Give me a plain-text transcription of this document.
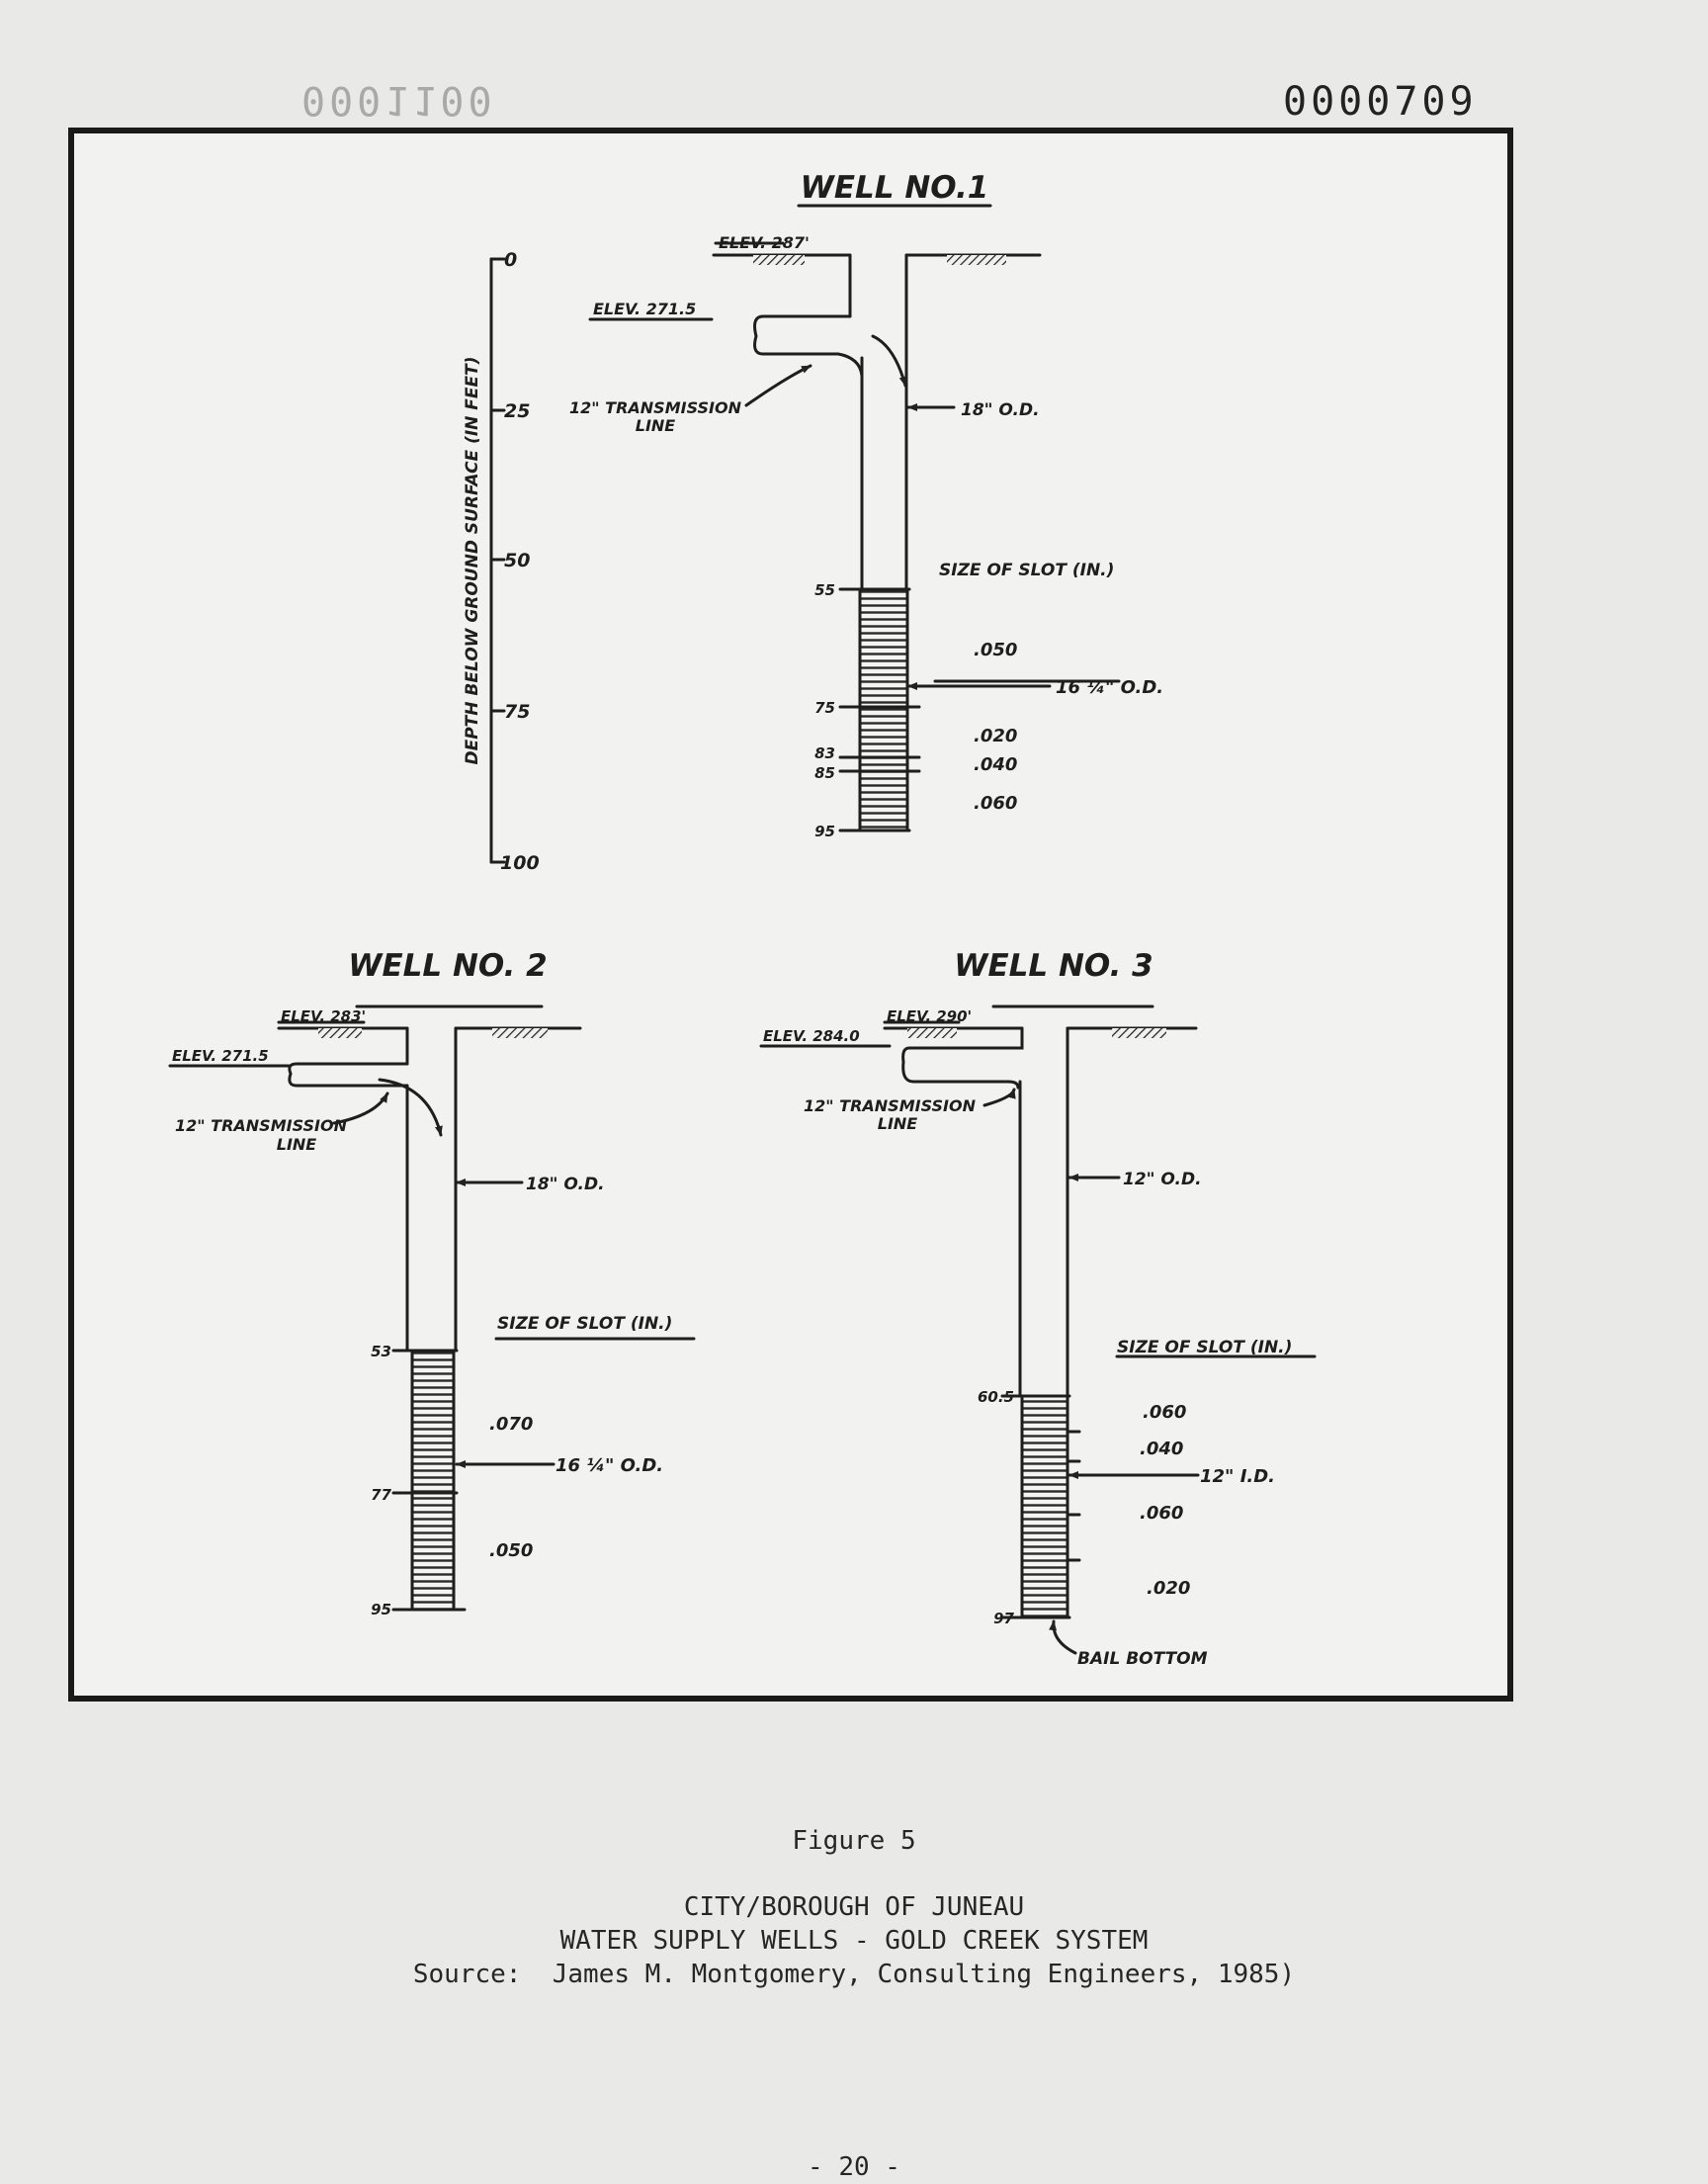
0001100	0000709
DEPTH BELOW GROUND SURFACE (IN FEET)
0
25
50
75
100
WELL NO.1
ELEV. 287'
ELEV. 271.5
12" TRANSMISSION
LINE
18" O.D.
SIZE OF SLOT (IN.)
16 ¼" O.D.
55
75
83
85
95
.050
.020
.040
.060
WELL NO. 2
ELEV. 283'
ELEV. 271.5
12" TRANSMISSION
LINE
18" O.D.
SIZE OF SLOT (IN.)
16 ¼" O.D.
53
77
95
.070
.050
WELL NO. 3
ELEV. 290'
ELEV. 284.0
12" TRANSMISSION
LINE
12" O.D.
SIZE OF SLOT (IN.)
12" I.D.
60.5
97
.060
.040
.060
.020
BAIL BOTTOM
Figure 5
CITY/BOROUGH OF JUNEAU
WATER SUPPLY WELLS - GOLD CREEK SYSTEM
Source:  James M. Montgomery, Consulting Engineers, 1985)
- 20 -
